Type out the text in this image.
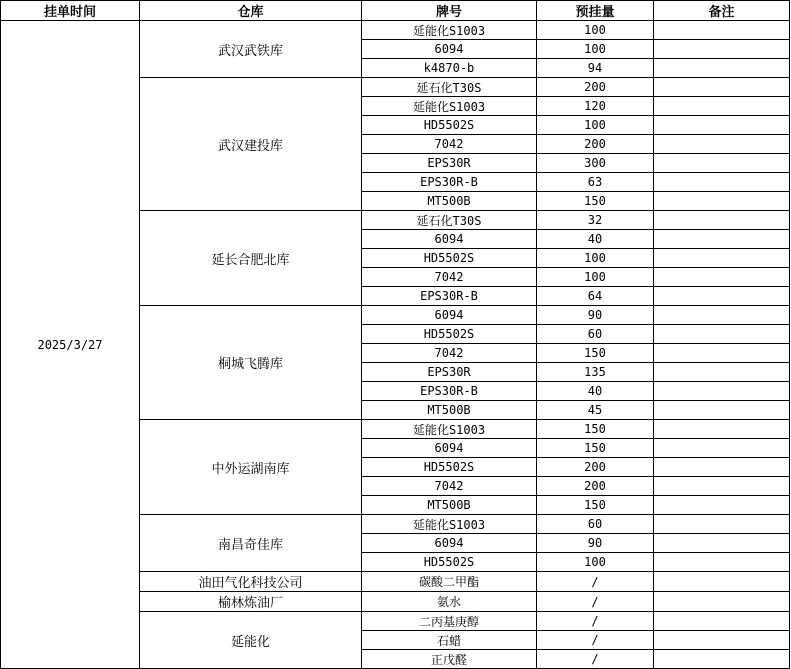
挂单时间	仓库	牌号	预挂量	备注
2025/3/27	武汉武铁库	延能化S1003	100	
		6094	100	
		k4870-b	94	
	武汉建投库	延石化T30S	200	
		延能化S1003	120	
		HD5502S	100	
		7042	200	
		EPS30R	300	
		EPS30R-B	63	
		MT500B	150	
	延长合肥北库	延石化T30S	32	
		6094	40	
		HD5502S	100	
		7042	100	
		EPS30R-B	64	
	桐城飞腾库	6094	90	
		HD5502S	60	
		7042	150	
		EPS30R	135	
		EPS30R-B	40	
		MT500B	45	
	中外运湖南库	延能化S1003	150	
		6094	150	
		HD5502S	200	
		7042	200	
		MT500B	150	
	南昌奇佳库	延能化S1003	60	
		6094	90	
		HD5502S	100	
	油田气化科技公司	碳酸二甲酯	/	
	榆林炼油厂	氨水	/	
	延能化	二丙基庚醇	/	
		石蜡	/	
		正戊醛	/	
